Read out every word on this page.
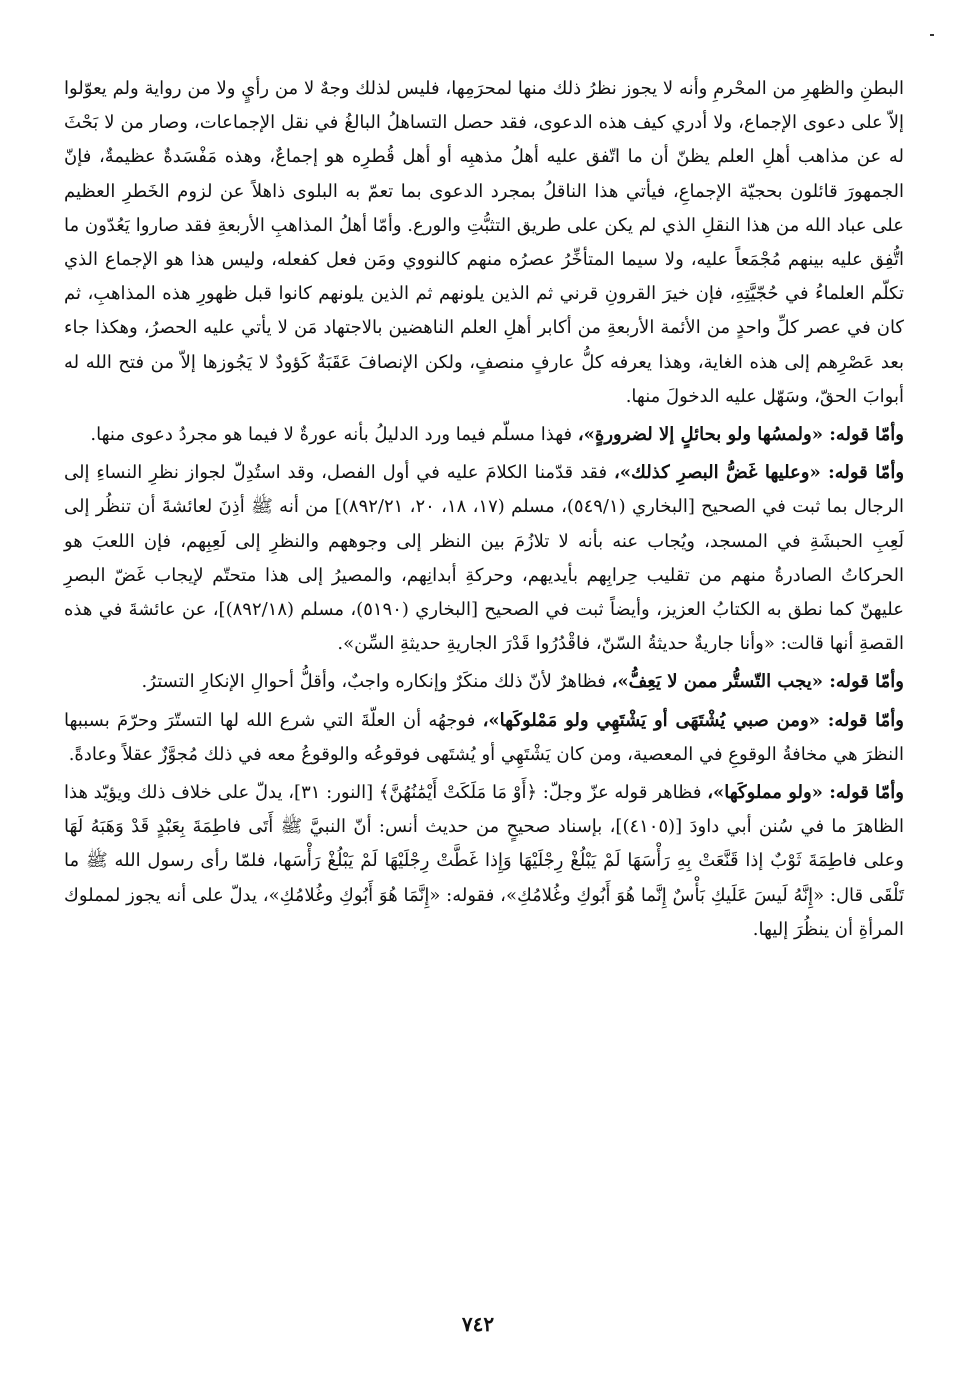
البطنِ والظهرِ من المحْرمِ وأنه لا يجوز نظرُ ذلك منها لمحرَمِها، فليس لذلك وجهٌ لا من رأيٍ ولا من رواية ولم يعوّلوا إلاّ على دعوى الإجماع، ولا أدري كيف هذه الدعوى، فقد حصل التساهلُ البالغُ في نقل الإجماعات، وصار من لا بَحْثَ له عن مذاهب أهلِ العلم يظنّ أن ما اتّفق عليه أهلُ مذهبِه أو أهل قُطرِه هو إجماعٌ، وهذه مَفْسَدةٌ عظيمةٌ، فإنّ الجمهورَ قائلون بحجيّة الإجماعِ، فيأتي هذا الناقلُ بمجرد الدعوى بما تعمّ به البلوى ذاهلاً عن لزوم الخَطرِ العظيم على عباد الله من هذا النقلِ الذي لم يكن على طريق التثبُّتِ والورع. وأمّا أهلُ المذاهبِ الأربعةِ فقد صاروا يَعُدّون ما اتُّفِق عليه بينهم مُجْمَعاً عليه، ولا سيما المتأخِّرُ عصرُه منهم كالنووي ومَن فعل كفعله، وليس هذا هو الإجماع الذي تكلّم العلماءُ في حُجّيَّتِهِ، فإن خيرَ القرونِ قرني ثم الذين يلونهم ثم الذين يلونهم كانوا قبل ظهورِ هذه المذاهبِ، ثم كان في عصر كلِّ واحدٍ من الأئمة الأربعةِ من أكابر أهلِ العلم الناهضين بالاجتهاد مَن لا يأتي عليه الحصرُ، وهكذا جاء بعد عَصْرِهم إلى هذه الغاية، وهذا يعرفه كلُّ عارفٍ منصفٍ، ولكن الإنصافَ عَقَبَةٌ كَؤودٌ لا يَجُوزها إلاّ من فتح الله له أبوابَ الحقّ، وسَهّل عليه الدخولَ منها.

وأمّا قوله: «ولمسُها ولو بحائلٍ إلا لضرورةٍ»، فهذا مسلّم فيما ورد الدليلُ بأنه عورةٌ لا فيما هو مجردُ دعوى منها.

وأمّا قوله: «وعليها غَضُّ البصرِ كذلك»، فقد قدّمنا الكلامَ عليه في أول الفصل، وقد استُدِلّ لجواز نظرِ النساءِ إلى الرجال بما ثبت في الصحيح [البخاري (٥٤٩/١)، مسلم (١٧، ١٨، ٢٠، ٨٩٢/٢١)] من أنه ﷺ أذِنَ لعائشةَ أن تنظُر إلى لَعِبِ الحبشَةِ في المسجد، ويُجاب عنه بأنه لا تلازُمَ بين النظر إلى وجوههم والنظرِ إلى لَعِبِهم، فإن اللعبَ هو الحركاتُ الصادرةُ منهم من تقليب حِرابِهم بأيديهم، وحركةِ أبدانِهم، والمصيرُ إلى هذا متحتّم لإيجاب غَضّ البصرِ عليهنّ كما نطق به الكتابُ العزيز، وأيضاً ثبت في الصحيح [البخاري (٥١٩٠)، مسلم (٨٩٢/١٨)]، عن عائشةَ في هذه القصةِ أنها قالت: «وأنا جاريةٌ حديثةُ السّنّ، فاقْدُرُوا قَدْرَ الجاريةِ حديثةِ السِّن».

وأمّا قوله: «يجب التّستُّر ممن لا يَعِفُّ»، فظاهرٌ لأنّ ذلك منكَرٌ وإنكاره واجبٌ، وأقلُّ أحوالِ الإنكارِ التسترُ.

وأمّا قوله: «ومن صبي يُشْتَهَى أو يَشْتَهِي ولو مَمْلوكَها»، فوجهُه أن العلّةَ التي شرع الله لها التستّرَ وحرّمَ بسببها النظرَ هي مخافةُ الوقوعِ في المعصية، ومن كان يَشْتَهِي أو يُشتَهى فوقوعُه والوقوعُ معه في ذلك مُجوَّزٌ عقلاً وعادةً.

وأمّا قوله: «ولو مملوكَها»، فظاهر قوله عزّ وجلّ: ﴿أَوْ مَا مَلَكَتْ أَيْمَٰنُهُنَّ﴾ [النور: ٣١]، يدلّ على خلاف ذلك ويؤيّد هذا الظاهرَ ما في سُنن أبي داودَ [(٤١٠٥)]، بإسناد صحيحٍ من حديث أنس: أنّ النبيَّ ﷺ أَتَى فاطِمَةَ بِعَبْدٍ قَدْ وَهَبَهُ لَهَا وعلى فاطِمَةَ ثَوْبٌ إذا قَنَّعَتْ بِهِ رَأْسَهَا لَمْ يَبْلُغْ رِجْلَيْهَا وَإِذا غَطَّتْ رِجْلَيْهَا لَمْ يَبْلُغْ رَأْسَها، فلمّا رأى رسول الله ﷺ ما تَلْقَى قال: «إِنَّهُ لَيسَ عَلَيكِ بَأْسٌ إِنَّما هُوَ أَبُوكِ وغُلامُكِ»، فقوله: «إِنَّمَا هُوَ أَبُوكِ وغُلامُكِ»، يدلّ على أنه يجوز لمملوك المرأةِ أن ينظُرَ إليها.

٧٤٢
